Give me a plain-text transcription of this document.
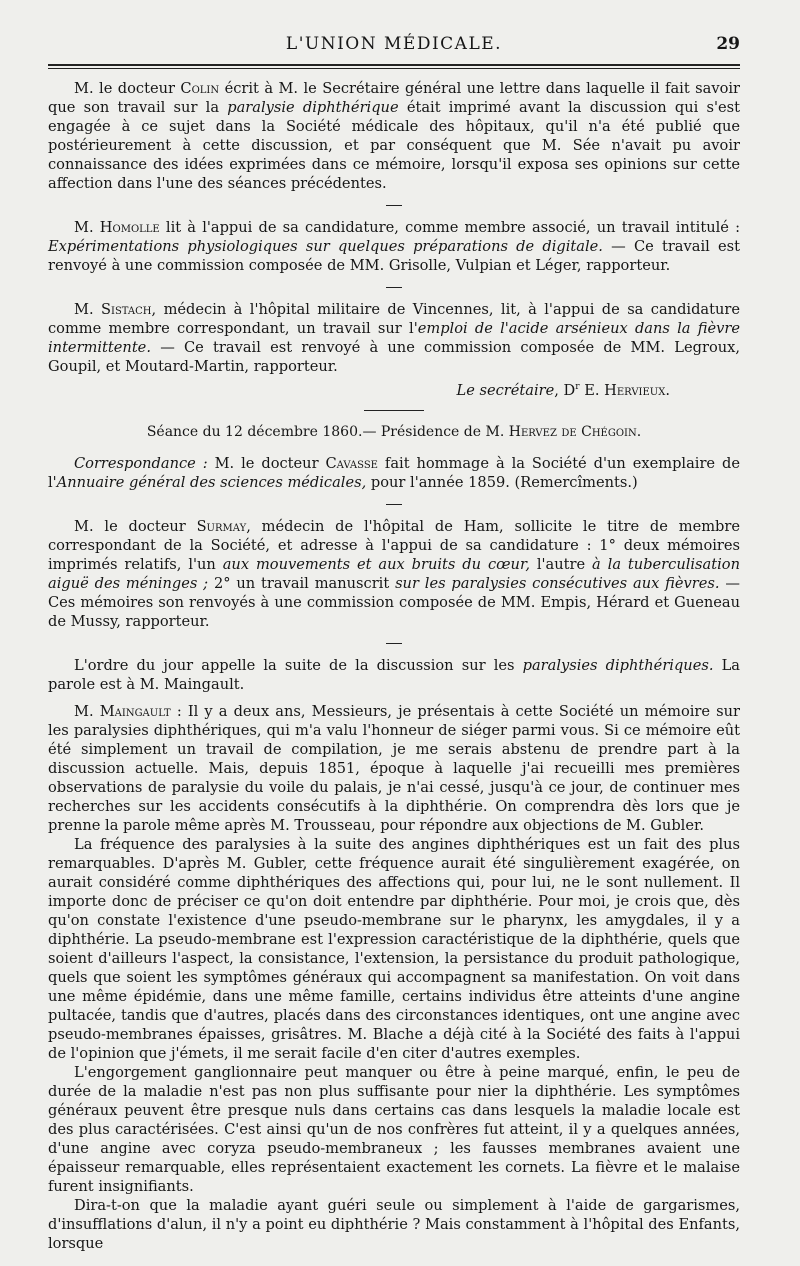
L'UNION MÉDICALE.	29

M. le docteur Colin écrit à M. le Secrétaire général une lettre dans laquelle il fait savoir que son travail sur la paralysie diphthérique était imprimé avant la discussion qui s'est engagée à ce sujet dans la Société médicale des hôpitaux, qu'il n'a été publié que postérieurement à cette discussion, et par conséquent que M. Sée n'avait pu avoir connaissance des idées exprimées dans ce mémoire, lorsqu'il exposa ses opinions sur cette affection dans l'une des séances précédentes.

M. Homolle lit à l'appui de sa candidature, comme membre associé, un travail intitulé : Expérimentations physiologiques sur quelques préparations de digitale. — Ce travail est renvoyé à une commission composée de MM. Grisolle, Vulpian et Léger, rapporteur.

M. Sistach, médecin à l'hôpital militaire de Vincennes, lit, à l'appui de sa candidature comme membre correspondant, un travail sur l'emploi de l'acide arsénieux dans la fièvre intermittente. — Ce travail est renvoyé à une commission composée de MM. Legroux, Goupil, et Moutard-Martin, rapporteur.

Le secrétaire, $D^r$ E. Hervieux.
Séance du 12 décembre 1860.— Présidence de M. Hervez de Chégoin.

Correspondance : M. le docteur Cavasse fait hommage à la Société d'un exemplaire de l'Annuaire général des sciences médicales, pour l'année 1859. (Remercîments.)

M. le docteur Surmay, médecin de l'hôpital de Ham, sollicite le titre de membre correspondant de la Société, et adresse à l'appui de sa candidature : 1° deux mémoires imprimés relatifs, l'un aux mouvements et aux bruits du cœur, l'autre à la tuberculisation aiguë des méninges ; 2° un travail manuscrit sur les paralysies consécutives aux fièvres. — Ces mémoires son renvoyés à une commission composée de MM. Empis, Hérard et Gueneau de Mussy, rapporteur.

L'ordre du jour appelle la suite de la discussion sur les paralysies diphthériques. La parole est à M. Maingault.

M. Maingault : Il y a deux ans, Messieurs, je présentais à cette Société un mémoire sur les paralysies diphthériques, qui m'a valu l'honneur de siéger parmi vous. Si ce mémoire eût été simplement un travail de compilation, je me serais abstenu de prendre part à la discussion actuelle. Mais, depuis 1851, époque à laquelle j'ai recueilli mes premières observations de paralysie du voile du palais, je n'ai cessé, jusqu'à ce jour, de continuer mes recherches sur les accidents consécutifs à la diphthérie. On comprendra dès lors que je prenne la parole même après M. Trousseau, pour répondre aux objections de M. Gubler.

La fréquence des paralysies à la suite des angines diphthériques est un fait des plus remarquables. D'après M. Gubler, cette fréquence aurait été singulièrement exagérée, on aurait considéré comme diphthériques des affections qui, pour lui, ne le sont nullement. Il importe donc de préciser ce qu'on doit entendre par diphthérie. Pour moi, je crois que, dès qu'on constate l'existence d'une pseudo-membrane sur le pharynx, les amygdales, il y a diphthérie. La pseudo-membrane est l'expression caractéristique de la diphthérie, quels que soient d'ailleurs l'aspect, la consistance, l'extension, la persistance du produit pathologique, quels que soient les symptômes généraux qui accompagnent sa manifestation. On voit dans une même épidémie, dans une même famille, certains individus être atteints d'une angine pultacée, tandis que d'autres, placés dans des circonstances identiques, ont une angine avec pseudo-membranes épaisses, grisâtres. M. Blache a déjà cité à la Société des faits à l'appui de l'opinion que j'émets, il me serait facile d'en citer d'autres exemples.

L'engorgement ganglionnaire peut manquer ou être à peine marqué, enfin, le peu de durée de la maladie n'est pas non plus suffisante pour nier la diphthérie. Les symptômes généraux peuvent être presque nuls dans certains cas dans lesquels la maladie locale est des plus caractérisées. C'est ainsi qu'un de nos confrères fut atteint, il y a quelques années, d'une angine avec coryza pseudo-membraneux ; les fausses membranes avaient une épaisseur remarquable, elles représentaient exactement les cornets. La fièvre et le malaise furent insignifiants.

Dira-t-on que la maladie ayant guéri seule ou simplement à l'aide de gargarismes, d'insufflations d'alun, il n'y a point eu diphthérie ? Mais constamment à l'hôpital des Enfants, lorsque
